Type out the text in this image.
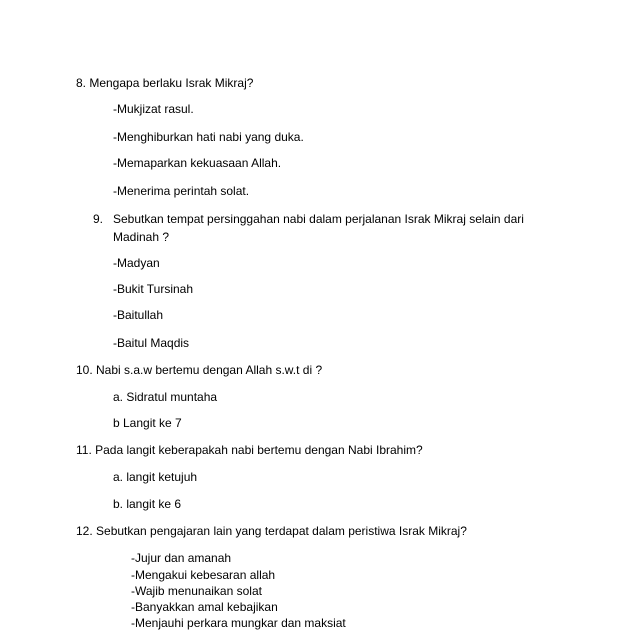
8. Mengapa berlaku Israk Mikraj?
-Mukjizat rasul.
-Menghiburkan hati nabi yang duka.
-Memaparkan kekuasaan Allah.
-Menerima perintah solat.
9. Sebutkan tempat persinggahan nabi dalam perjalanan Israk Mikraj selain dari
Madinah ?
-Madyan
-Bukit Tursinah
-Baitullah
-Baitul Maqdis
10. Nabi s.a.w bertemu dengan Allah s.w.t di ?
a. Sidratul muntaha
b Langit ke 7
11. Pada langit keberapakah nabi bertemu dengan Nabi Ibrahim?
a. langit ketujuh
b. langit ke 6
12. Sebutkan pengajaran lain yang terdapat dalam peristiwa Israk Mikraj?
-Jujur dan amanah
-Mengakui kebesaran allah
-Wajib menunaikan solat
-Banyakkan amal kebajikan
-Menjauhi perkara mungkar dan maksiat
